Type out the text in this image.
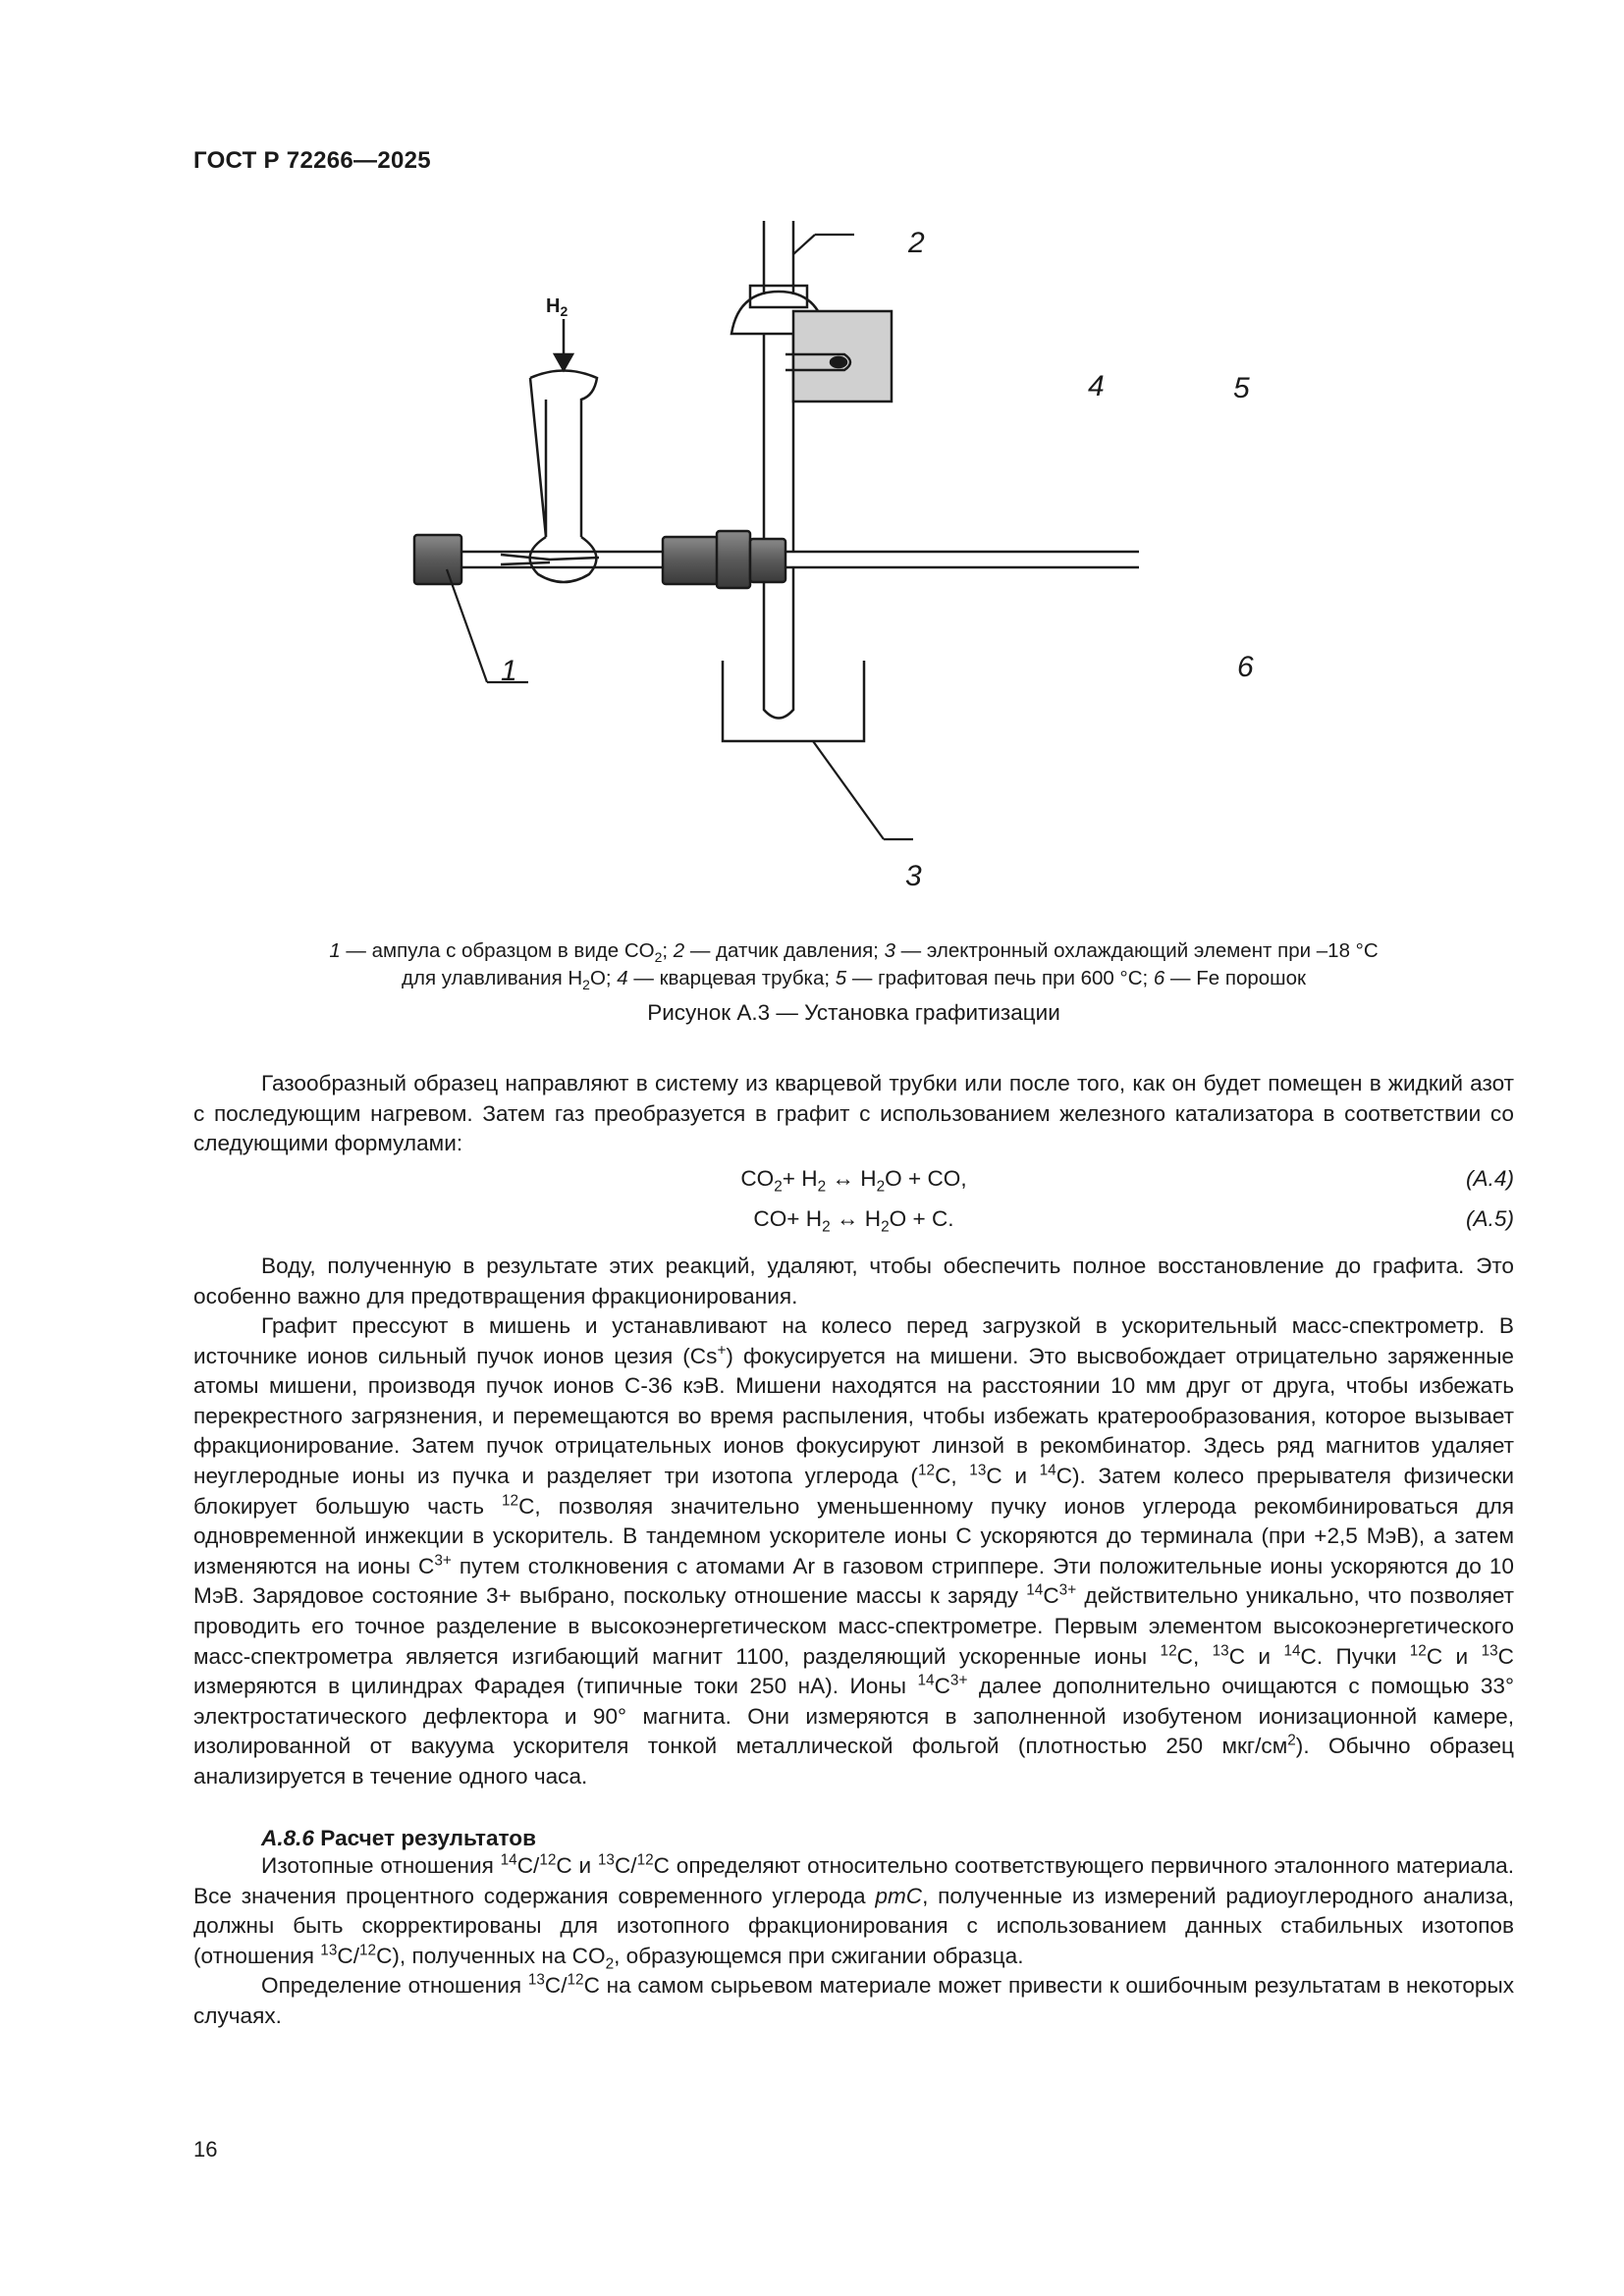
ГОСТ Р 72266—2025
$H_2$
1
2
3
4	5
6
1 — ампула с образцом в виде $CO_2$; 2 — датчик давления; 3 — электронный охлаждающий элемент при –18 °C
для улавливания $H_2O$; 4 — кварцевая трубка; 5 — графитовая печь при 600 °C; 6 — Fe порошок
Рисунок А.3 — Установка графитизации

Газообразный образец направляют в систему из кварцевой трубки или после того, как он будет помещен в жидкий азот с последующим нагревом. Затем газ преобразуется в графит с использованием железного катализатора в соответствии со следующими формулами:

$CO_2+ H_2$ ↔ $H_2O$ + CO,	(A.4)
$CO+ H_2$ ↔ $H_2O + C$.	(A.5)

Воду, полученную в результате этих реакций, удаляют, чтобы обеспечить полное восстановление до графита. Это особенно важно для предотвращения фракционирования.

Графит прессуют в мишень и устанавливают на колесо перед загрузкой в ускорительный масс-спектрометр. В источнике ионов сильный пучок ионов цезия (Cs+) фокусируется на мишени. Это высвобождает отрицательно заряженные атомы мишени, производя пучок ионов C-36 кэВ. Мишени находятся на расстоянии 10 мм друг от друга, чтобы избежать перекрестного загрязнения, и перемещаются во время распыления, чтобы избежать кратерообразования, которое вызывает фракционирование. Затем пучок отрицательных ионов фокусируют линзой в рекомбинатор. Здесь ряд магнитов удаляет неуглеродные ионы из пучка и разделяет три изотопа углерода ($^{12}$C, $^{13}$C и $^{14}$C). Затем колесо прерывателя физически блокирует большую часть $^{12}$C, позволяя значительно уменьшенному пучку ионов углерода рекомбинироваться для одновременной инжекции в ускоритель. В тандемном ускорителе ионы C ускоряются до терминала (при +2,5 МэВ), а затем изменяются на ионы $C^{3+}$ путем столкновения с атомами Ar в газовом стриппере. Эти положительные ионы ускоряются до 10 МэВ. Зарядовое состояние 3+ выбрано, поскольку отношение массы к заряду $^{14}C^{3+}$ действительно уникально, что позволяет проводить его точное разделение в высокоэнергетическом масс-спектрометре. Первым элементом высокоэнергетического масс-спектрометра является изгибающий магнит 1100, разделяющий ускоренные ионы $^{12}$C, $^{13}$C и $^{14}$C. Пучки $^{12}$C и $^{13}$C измеряются в цилиндрах Фарадея (типичные токи 250 нА). Ионы $^{14}C^{3+}$ далее дополнительно очищаются с помощью 33° электростатического дефлектора и 90° магнита. Они измеряются в заполненной изобутеном ионизационной камере, изолированной от вакуума ускорителя тонкой металлической фольгой (плотностью 250 мкг/$см^2$). Обычно образец анализируется в течение одного часа.

A.8.6 Расчет результатов

Изотопные отношения $^{14}$C/$^{12}$C и $^{13}$C/$^{12}$C определяют относительно соответствующего первичного эталонного материала. Все значения процентного содержания современного углерода pmC, полученные из измерений радиоуглеродного анализа, должны быть скорректированы для изотопного фракционирования с использованием данных стабильных изотопов (отношения $^{13}$C/$^{12}$C), полученных на $CO_2$, образующемся при сжигании образца.

Определение отношения $^{13}$C/$^{12}$C на самом сырьевом материале может привести к ошибочным результатам в некоторых случаях.

16
